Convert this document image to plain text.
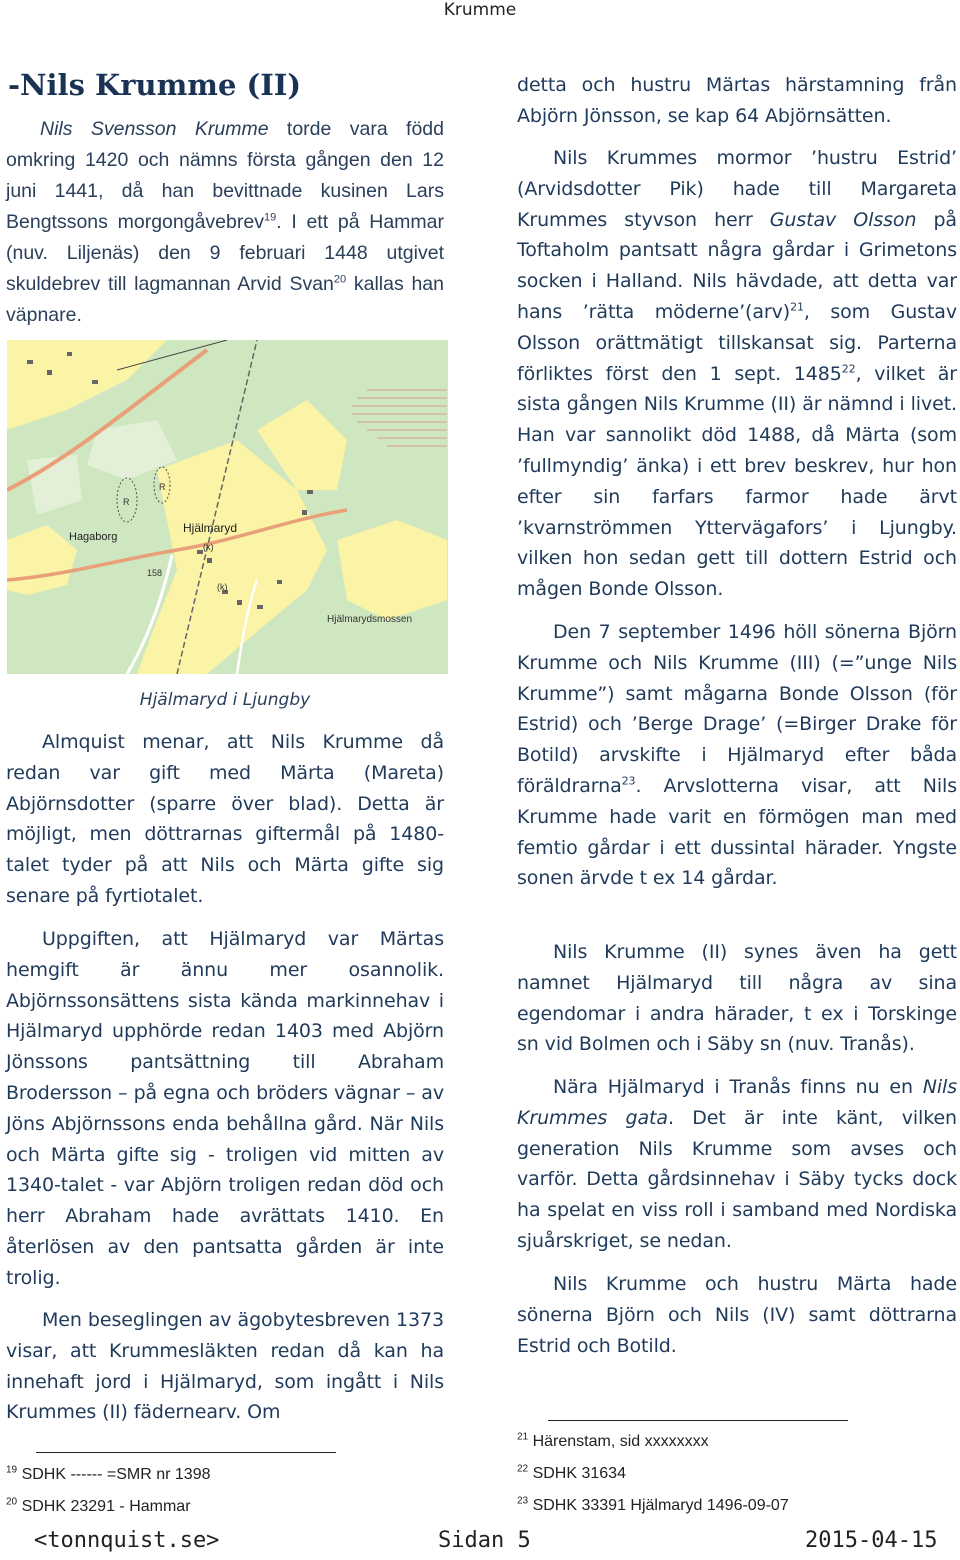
Krumme
-Nils Krumme (II)

Nils Svensson Krumme torde vara född omkring 1420 och nämns första gången den 12 juni 1441, då han bevittnade kusinen Lars Bengtssons morgongåvebrev$^{19}$. I ett på Hammar (nuv. Liljenäs) den 9 februari 1448 utgivet skuldebrev till lagmannan Arvid Svan$^{20}$ kallas han väpnare.

Hagaborg
Hjälmaryd
(k)
(k)
R
R
158
Hjälmarydsmossen
Hjälmaryd i Ljungby

Almquist menar, att Nils Krumme då redan var gift med Märta (Mareta) Abjörnsdotter (sparre över blad). Detta är möjligt, men döttrarnas giftermål på 1480-talet tyder på att Nils och Märta gifte sig senare på fyrtiotalet.

Uppgiften, att Hjälmaryd var Märtas hemgift är ännu mer osannolik. Abjörnssonsättens sista kända markinnehav i Hjälmaryd upphörde redan 1403 med Abjörn Jönssons pantsättning till Abraham Brodersson – på egna och bröders vägnar – av Jöns Abjörnssons enda behållna gård. När Nils och Märta gifte sig - troligen vid mitten av 1340-talet - var Abjörn troligen redan död och herr Abraham hade avrättats 1410. En återlösen av den pantsatta gården är inte trolig.

Men beseglingen av ägobytesbreven 1373 visar, att Krummesläkten redan då kan ha innehaft jord i Hjälmaryd, som ingått i Nils Krummes (II) fädernearv. Om

$^{19}$ SDHK ------ =SMR nr 1398
$^{20}$ SDHK 23291 - Hammar

detta och hustru Märtas härstamning från Abjörn Jönsson, se kap 64 Abjörnsätten.

Nils Krummes mormor ’hustru Estrid’ (Arvidsdotter Pik) hade till Margareta Krummes styvson herr Gustav Olsson på Toftaholm pantsatt några gårdar i Grimetons socken i Halland. Nils hävdade, att detta var hans ’rätta möderne’(arv)$^{21}$, som Gustav Olsson orättmätigt tillskansat sig. Parterna förliktes först den 1 sept. 1485$^{22}$, vilket är sista gången Nils Krumme (II) är nämnd i livet. Han var sannolikt död 1488, då Märta (som ’fullmyndig’ änka) i ett brev beskrev, hur hon efter sin farfars farmor hade ärvt ’kvarnströmmen Yttervägafors’ i Ljungby. vilken hon sedan gett till dottern Estrid och mågen Bonde Olsson.

Den 7 september 1496 höll sönerna Björn Krumme och Nils Krumme (III) (=”unge Nils Krumme”) samt mågarna Bonde Olsson (för Estrid) och ’Berge Drage’ (=Birger Drake för Botild) arvskifte i Hjälmaryd efter båda föräldrarna$^{23}$. Arvslotterna visar, att Nils Krumme hade varit en förmögen man med femtio gårdar i ett dussintal härader. Yngste sonen ärvde t ex 14 gårdar.

Nils Krumme (II) synes även ha gett namnet Hjälmaryd till några av sina egendomar i andra härader, t ex i Torskinge sn vid Bolmen och i Säby sn (nuv. Tranås).

Nära Hjälmaryd i Tranås finns nu en Nils Krummes gata. Det är inte känt, vilken generation Nils Krumme som avses och varför. Detta gårdsinnehav i Säby tycks dock ha spelat en viss roll i samband med Nordiska sjuårskriget, se nedan.

Nils Krumme och hustru Märta hade sönerna Björn och Nils (IV) samt döttrarna Estrid och Botild.

$^{21}$ Härenstam, sid xxxxxxxx
$^{22}$ SDHK 31634
$^{23}$ SDHK 33391 Hjälmaryd 1496-09-07
<tonnquist.se>	Sidan 5	2015-04-15
